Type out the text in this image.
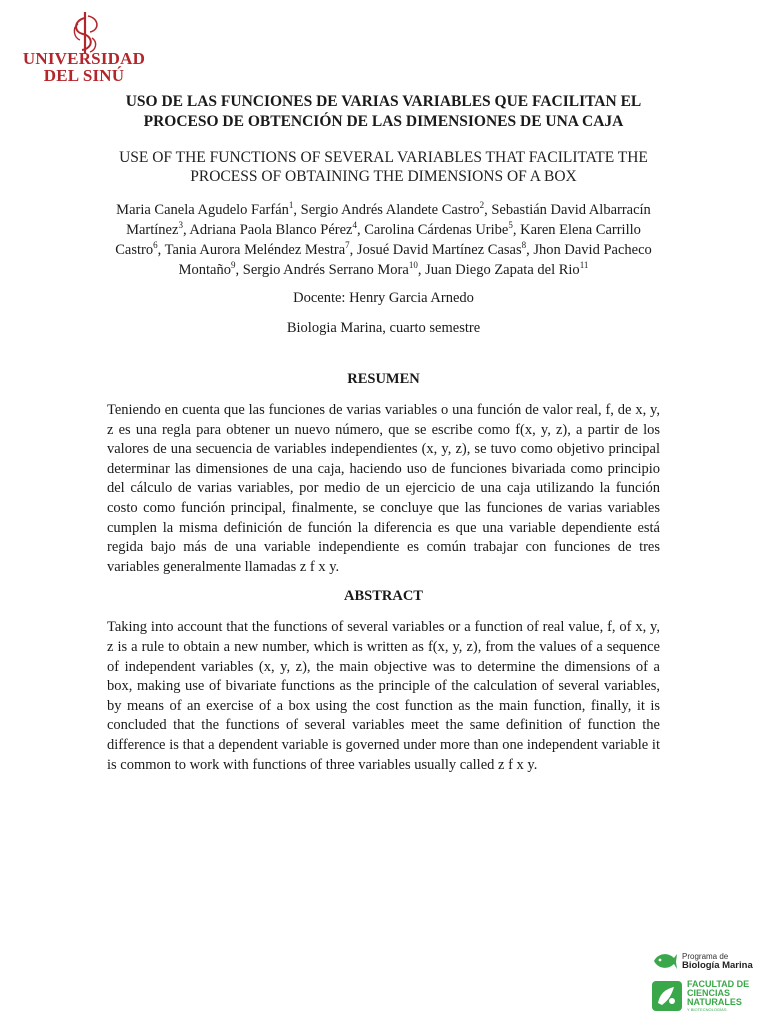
UNIVERSIDAD
DEL SINÚ
USO DE LAS FUNCIONES DE VARIAS VARIABLES QUE FACILITAN EL PROCESO DE OBTENCIÓN DE LAS DIMENSIONES DE UNA CAJA
USE OF THE FUNCTIONS OF SEVERAL VARIABLES THAT FACILITATE THE PROCESS OF OBTAINING THE DIMENSIONS OF A BOX
Maria Canela Agudelo Farfán$^1$, Sergio Andrés Alandete Castro$^2$, Sebastián David Albarracín Martínez$^3$, Adriana Paola Blanco Pérez$^4$, Carolina Cárdenas Uribe$^5$, Karen Elena Carrillo Castro$^6$, Tania Aurora Meléndez Mestra$^7$, Josué David Martínez Casas$^8$, Jhon David Pacheco Montaño$^9$, Sergio Andrés Serrano Mora$^{10}$, Juan Diego Zapata del Rio$^{11}$
Docente: Henry Garcia Arnedo
Biologia Marina, cuarto semestre
RESUMEN
Teniendo en cuenta que las funciones de varias variables o una función de valor real, f, de x, y, z es una regla para obtener un nuevo número, que se escribe como f(x, y, z), a partir de los valores de una secuencia de variables independientes (x, y, z), se tuvo como objetivo principal determinar las dimensiones de una caja, haciendo uso de funciones bivariada como principio del cálculo de varias variables, por medio de un ejercicio de una caja utilizando la función costo como función principal, finalmente, se concluye que las funciones de varias variables cumplen la misma definición de función la diferencia es que una variable dependiente está regida bajo más de una variable independiente es común trabajar con funciones de tres variables generalmente llamadas z f x y.
ABSTRACT
Taking into account that the functions of several variables or a function of real value, f, of x, y, z is a rule to obtain a new number, which is written as f(x, y, z), from the values of a sequence of independent variables (x, y, z), the main objective was to determine the dimensions of a box, making use of bivariate functions as the principle of the calculation of several variables, by means of an exercise of a box using the cost function as the main function, finally, it is concluded that the functions of several variables meet the same definition of function the difference is that a dependent variable is governed under more than one independent variable it is common to work with functions of three variables usually called z f x y.
Programa de
Biología Marina
FACULTAD DE
CIENCIAS
NATURALES
Y BIOTECNOLOGÍAS
